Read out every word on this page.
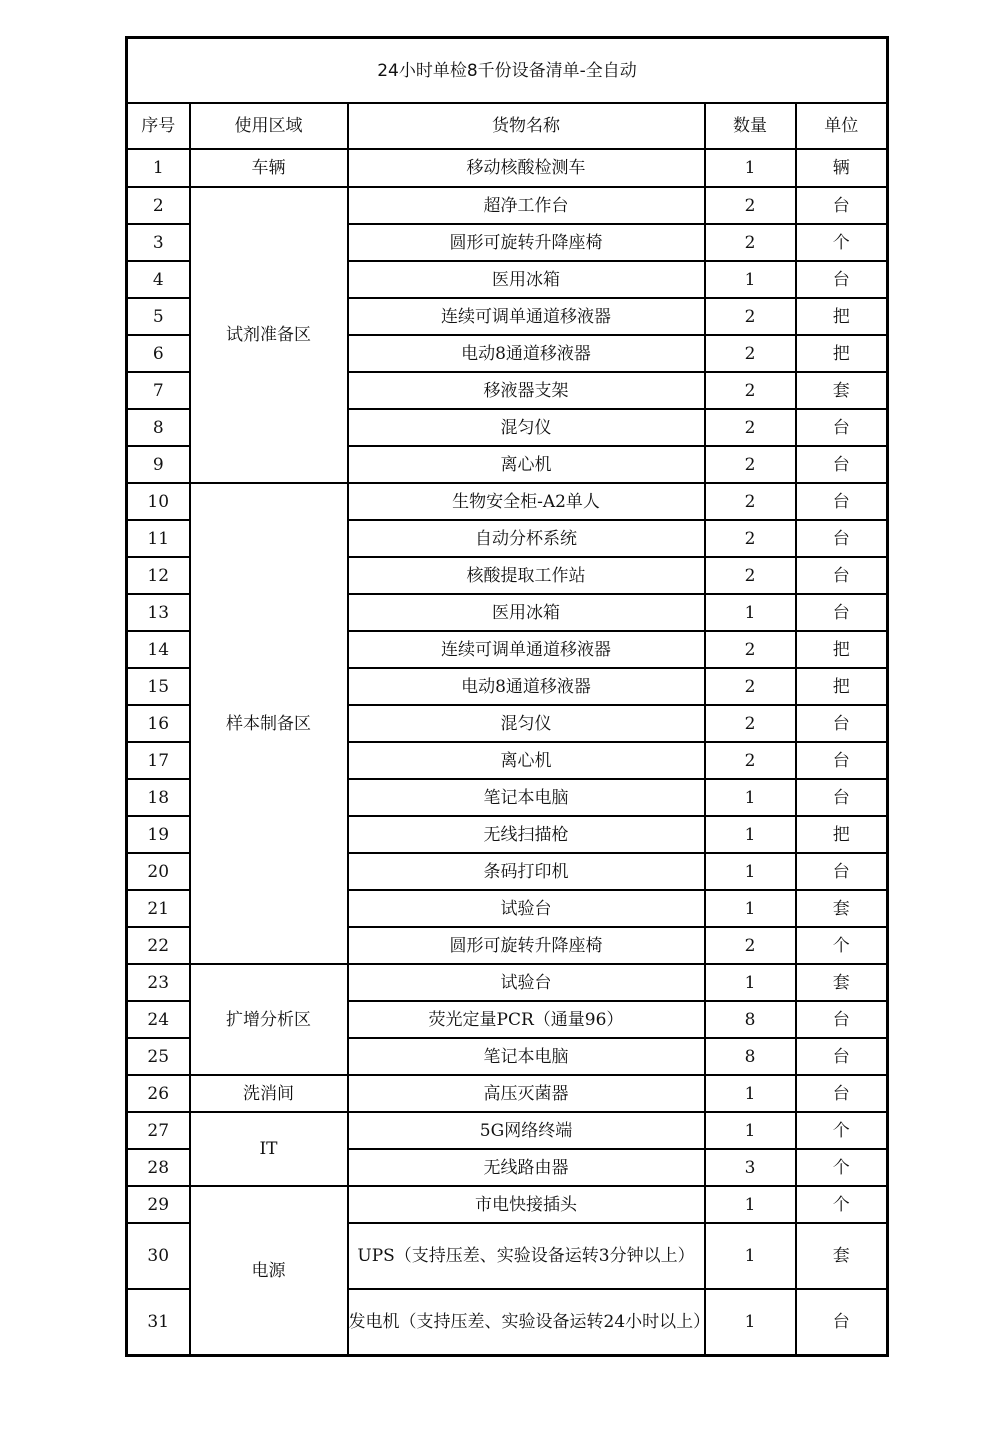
24小时单检8千份设备清单-全自动				
序号	使用区域	货物名称	数量	单位
1	车辆	移动核酸检测车	1	辆
2	试剂准备区	超净工作台	2	台
3		圆形可旋转升降座椅	2	个
4		医用冰箱	1	台
5		连续可调单通道移液器	2	把
6		电动8通道移液器	2	把
7		移液器支架	2	套
8		混匀仪	2	台
9		离心机	2	台
10	样本制备区	生物安全柜-A2单人	2	台
11		自动分杯系统	2	台
12		核酸提取工作站	2	台
13		医用冰箱	1	台
14		连续可调单通道移液器	2	把
15		电动8通道移液器	2	把
16		混匀仪	2	台
17		离心机	2	台
18		笔记本电脑	1	台
19		无线扫描枪	1	把
20		条码打印机	1	台
21		试验台	1	套
22		圆形可旋转升降座椅	2	个
23	扩增分析区	试验台	1	套
24		荧光定量PCR（通量96）	8	台
25		笔记本电脑	8	台
26	洗消间	高压灭菌器	1	台
27	IT	5G网络终端	1	个
28		无线路由器	3	个
29	电源	市电快接插头	1	个
30		UPS（支持压差、实验设备运转3分钟以上）	1	套
31		发电机（支持压差、实验设备运转24小时以上）	1	台
